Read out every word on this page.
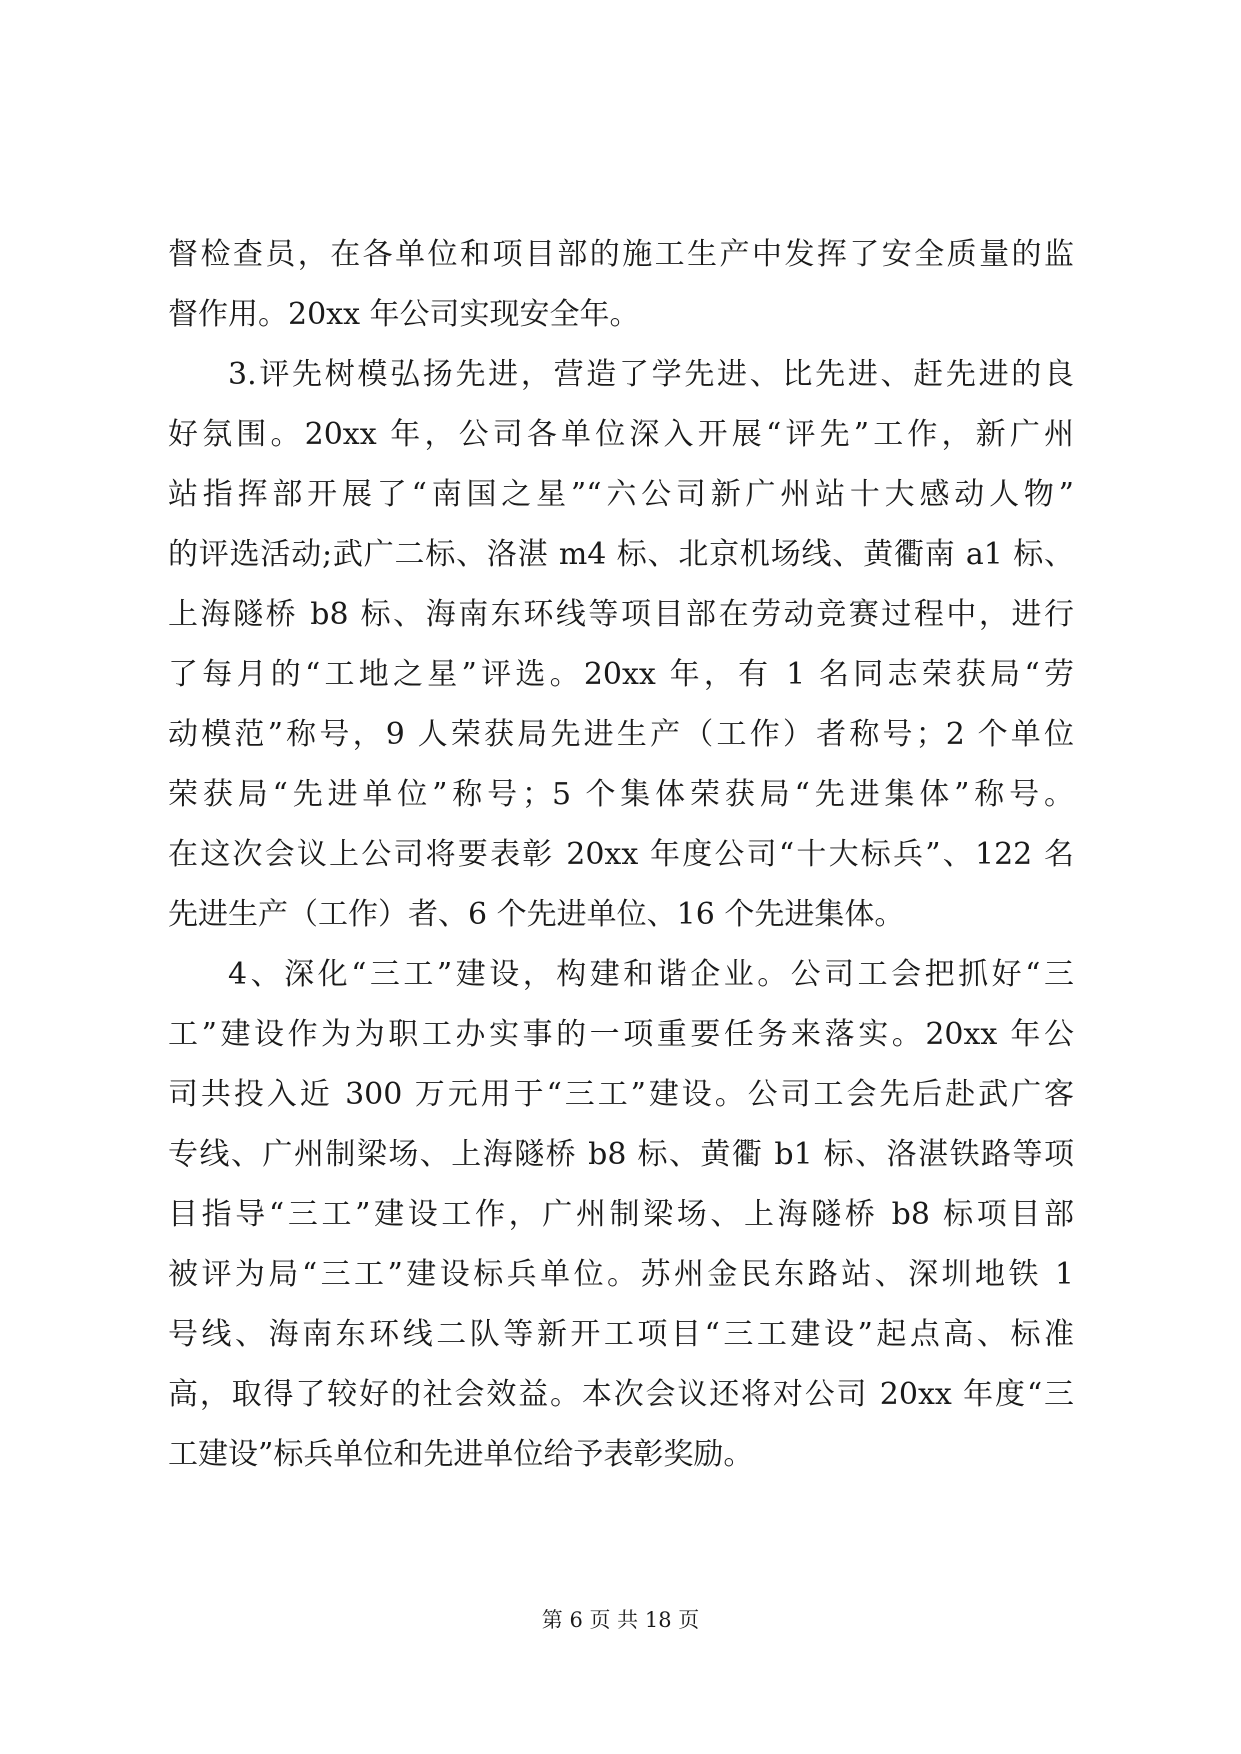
督检查员，在各单位和项目部的施工生产中发挥了安全质量的监
督作用。20xx 年公司实现安全年。
3.评先树模弘扬先进，营造了学先进、比先进、赶先进的良
好氛围。20xx 年，公司各单位深入开展“评先”工作，新广州
站指挥部开展了“南国之星”“六公司新广州站十大感动人物”
的评选活动;武广二标、洛湛 m4 标、北京机场线、黄衢南 a1 标、
上海隧桥 b8 标、海南东环线等项目部在劳动竞赛过程中，进行
了每月的“工地之星”评选。20xx 年，有 1 名同志荣获局“劳
动模范”称号，9 人荣获局先进生产（工作）者称号；2 个单位
荣获局“先进单位”称号；5 个集体荣获局“先进集体”称号。
在这次会议上公司将要表彰 20xx 年度公司“十大标兵”、122 名
先进生产（工作）者、6 个先进单位、16 个先进集体。
4、深化“三工”建设，构建和谐企业。公司工会把抓好“三
工”建设作为为职工办实事的一项重要任务来落实。20xx 年公
司共投入近 300 万元用于“三工”建设。公司工会先后赴武广客
专线、广州制梁场、上海隧桥 b8 标、黄衢 b1 标、洛湛铁路等项
目指导“三工”建设工作，广州制梁场、上海隧桥 b8 标项目部
被评为局“三工”建设标兵单位。苏州金民东路站、深圳地铁 1
号线、海南东环线二队等新开工项目“三工建设”起点高、标准
高，取得了较好的社会效益。本次会议还将对公司 20xx 年度“三
工建设”标兵单位和先进单位给予表彰奖励。
第 6 页 共 18 页
